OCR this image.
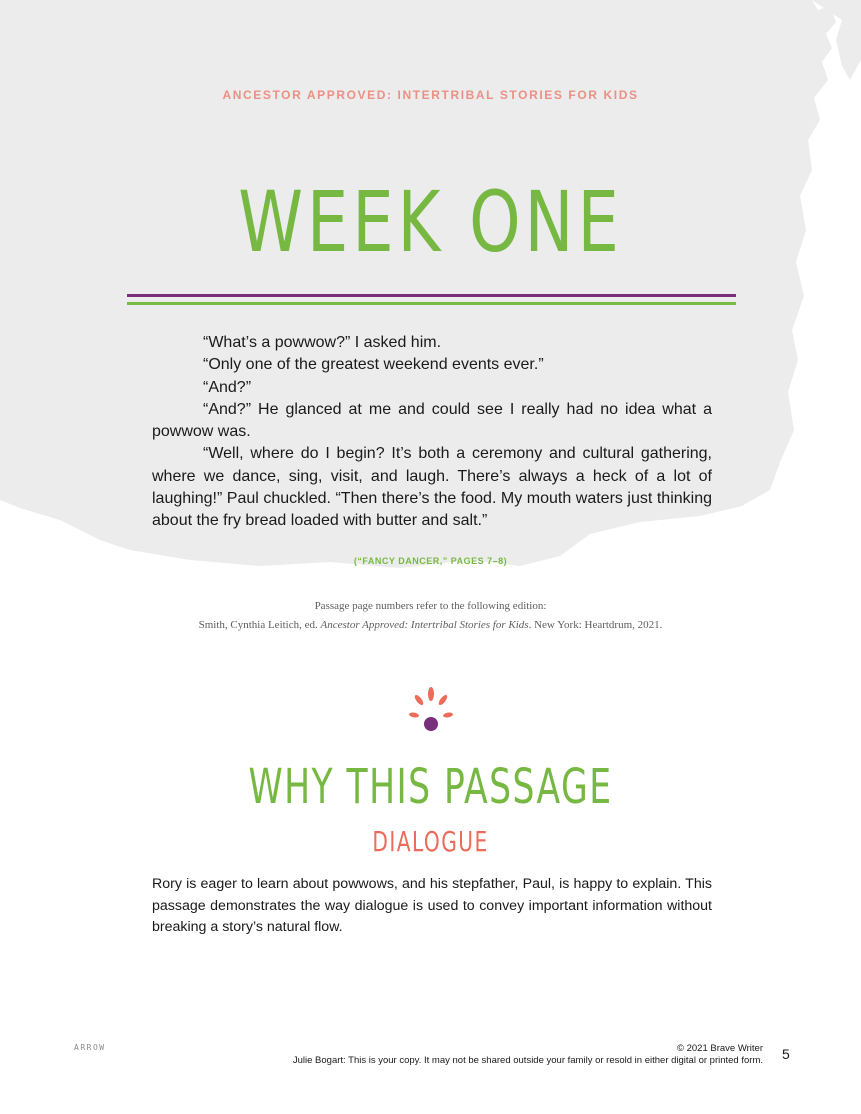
ANCESTOR APPROVED: INTERTRIBAL STORIES FOR KIDS
WEEK ONE

“What’s a powwow?” I asked him.

“Only one of the greatest weekend events ever.”

“And?”

“And?” He glanced at me and could see I really had no idea what a powwow was.

“Well, where do I begin? It’s both a ceremony and cultural gathering, where we dance, sing, visit, and laugh. There’s always a heck of a lot of laughing!” Paul chuckled. “Then there’s the food. My mouth waters just thinking about the fry bread loaded with butter and salt.”

(“FANCY DANCER,” PAGES 7–8)
Passage page numbers refer to the following edition:
Smith, Cynthia Leitich, ed. Ancestor Approved: Intertribal Stories for Kids. New York: Heartdrum, 2021.
WHY THIS PASSAGE
DIALOGUE
Rory is eager to learn about powwows, and his stepfather, Paul, is happy to explain. This passage demonstrates the way dialogue is used to convey important information without breaking a story’s natural flow.
ARROW	© 2021 Brave Writer
Julie Bogart: This is your copy. It may not be shared outside your family or resold in either digital or printed form. 5
